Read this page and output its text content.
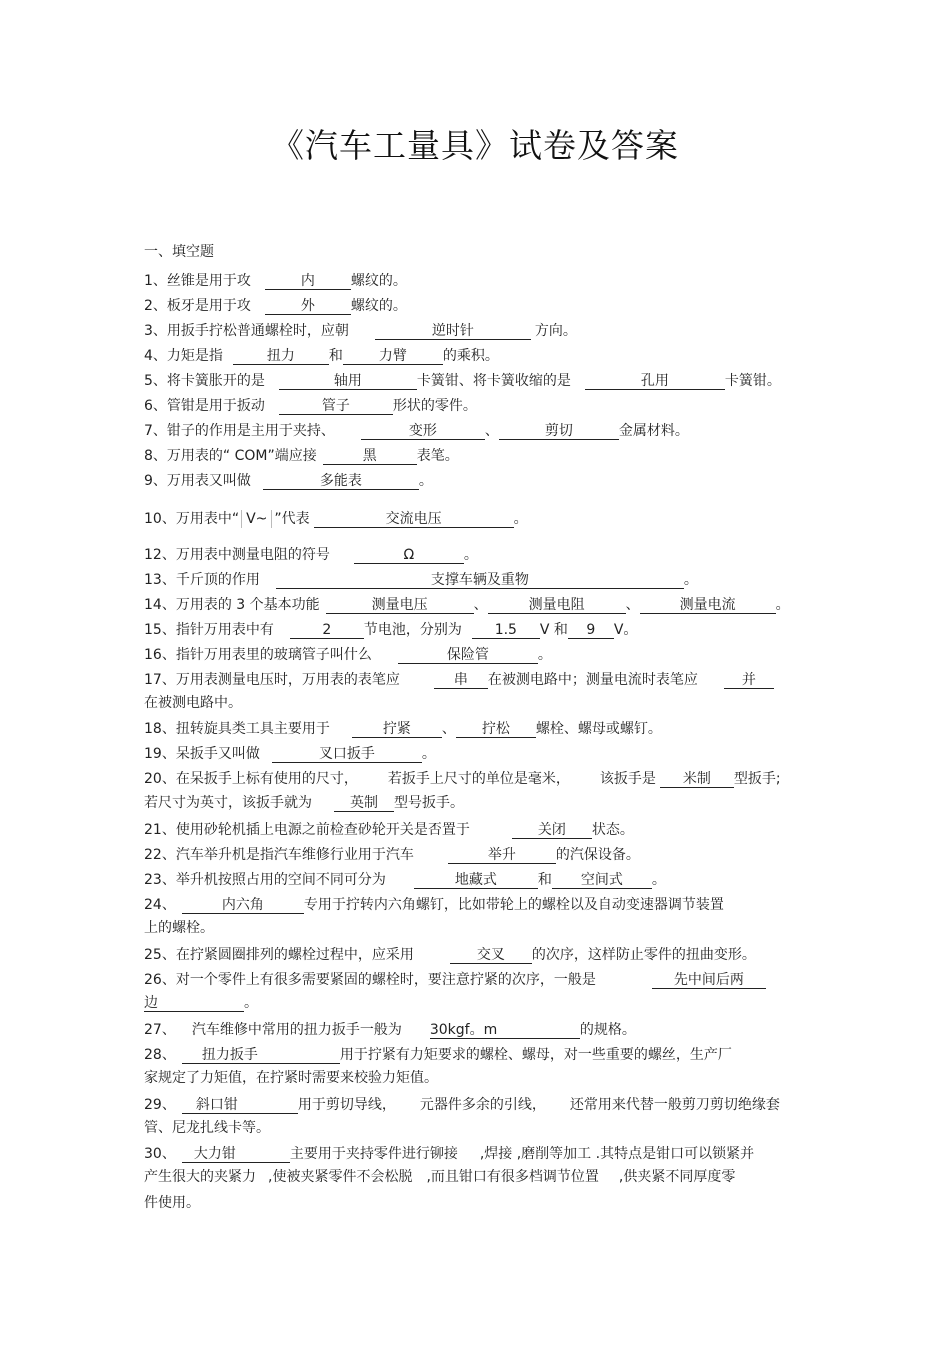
《汽车工量具》试卷及答案
一、填空题
1、丝锥是用于攻	内	螺纹的。
2、板牙是用于攻	外	螺纹的。
3、用扳手拧松普通螺栓时，应朝	逆时针	方向。
4、力矩是指	扭力 和	力臂	的乘积。
5、将卡簧胀开的是	轴用	卡簧钳、将卡簧收缩的是	孔用	卡簧钳。
6、管钳是用于扳动	管子	形状的零件。
7、钳子的作用是主用于夹持、	变形	、	剪切	金属材料。
8、万用表的“ COM”端应接	黑	表笔。
9、万用表又叫做	多能表	。
10、万用表中“ V~ ”代表	交流电压	。
12、万用表中测量电阻的符号	Ω	。
13、千斤顶的作用	支撑车辆及重物	。
14、万用表的 3 个基本功能	测量电压	、	测量电阻	、	测量电流	。
15、指针万用表中有	2 节电池，分别为 1.5 V 和 9 V。
16、指针万用表里的玻璃管子叫什么	保险管	。
17、万用表测量电压时，万用表的表笔应	串 在被测电路中；测量电流时表笔应	并
在被测电路中。
18、扭转旋具类工具主要用于	拧紧 、 拧松 螺栓、螺母或螺钉。
19、呆扳手又叫做	叉口扳手	。
20、在呆扳手上标有使用的尺寸， 若扳手上尺寸的单位是毫米， 该扳手是 米制 型扳手;
若尺寸为英寸，该扳手就为	英制 型号扳手。
21、使用砂轮机插上电源之前检查砂轮开关是否置于	关闭 状态。
22、汽车举升机是指汽车维修行业用于汽车	举升	的汽保设备。
23、举升机按照占用的空间不同可分为	地藏式	和 空间式 。
24、	内六角	专用于拧转内六角螺钉，比如带轮上的螺栓以及自动变速器调节装置
上的螺栓。
25、在拧紧圆圈排列的螺栓过程中，应采用	交叉 的次序，这样防止零件的扭曲变形。
26、对一个零件上有很多需要紧固的螺栓时，要注意拧紧的次序，一般是	先中间后两
边	。
27、 汽车维修中常用的扭力扳手一般为 30kgf。m	的规格。
28、 扭力扳手	用于拧紧有力矩要求的螺栓、螺母，对一些重要的螺丝，生产厂
家规定了力矩值，在拧紧时需要来校验力矩值。
29、 斜口钳	用于剪切导线， 元器件多余的引线， 还常用来代替一般剪刀剪切绝缘套
管、尼龙扎线卡等。
30、 大力钳	主要用于夹持零件进行铆接 ,焊接 ,磨削等加工 .其特点是钳口可以锁紧并
产生很大的夹紧力 ,使被夹紧零件不会松脱 ,而且钳口有很多档调节位置 ,供夹紧不同厚度零
件使用。
